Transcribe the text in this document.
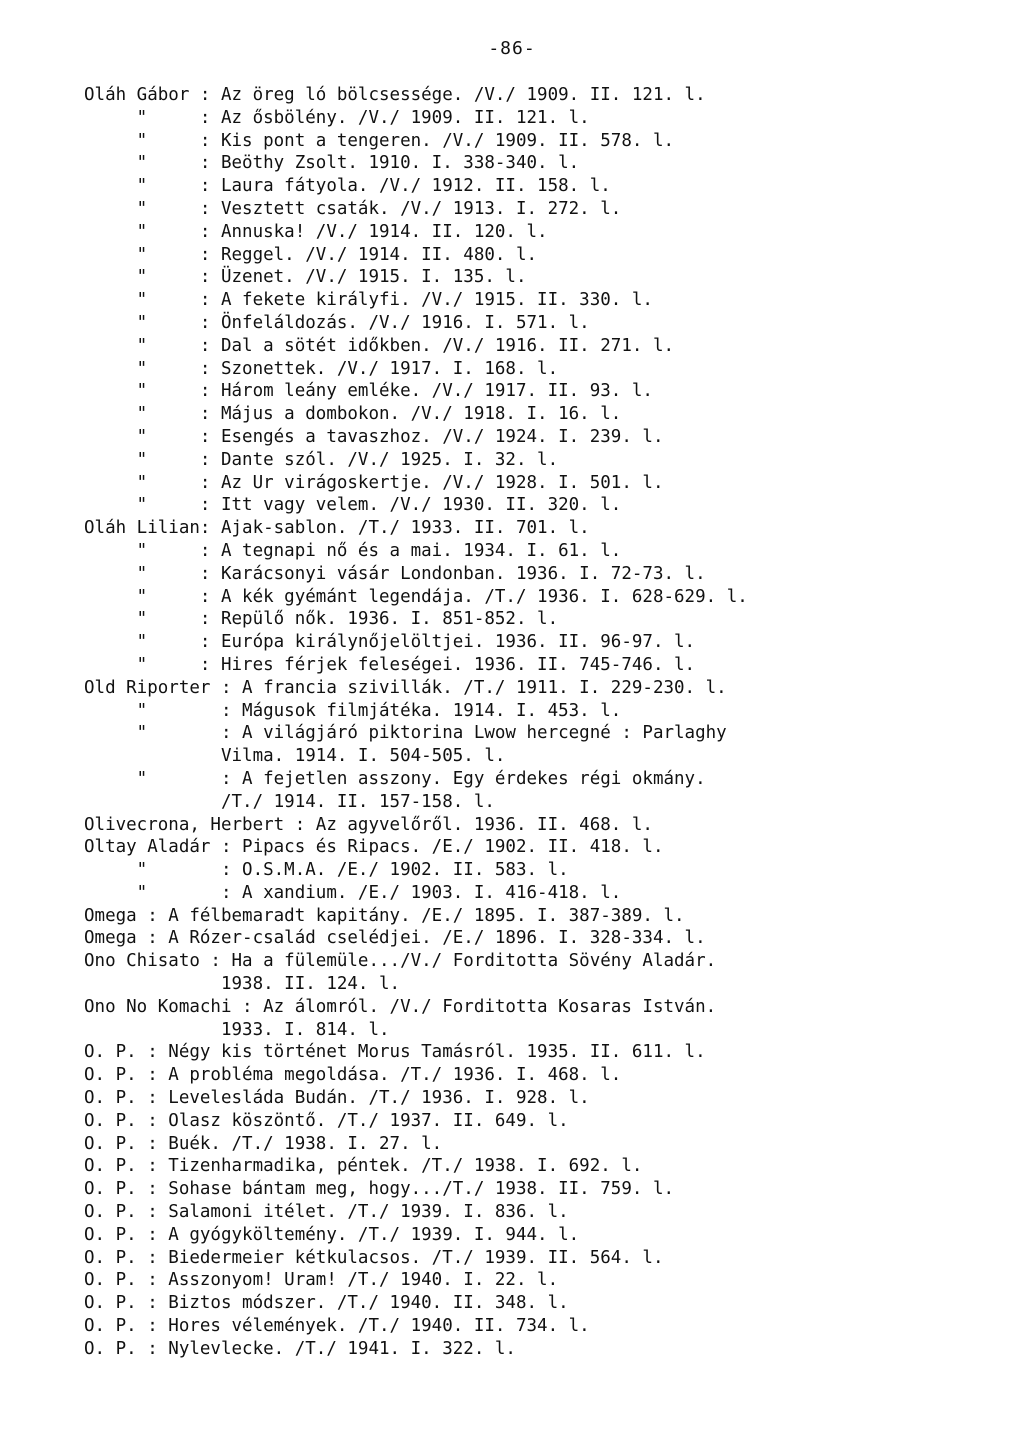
-86-
Oláh Gábor : Az öreg ló bölcsessége. /V./ 1909. II. 121. l.
"     : Az ősbölény. /V./ 1909. II. 121. l.
"     : Kis pont a tengeren. /V./ 1909. II. 578. l.
"     : Beöthy Zsolt. 1910. I. 338-340. l.
"     : Laura fátyola. /V./ 1912. II. 158. l.
"     : Vesztett csaták. /V./ 1913. I. 272. l.
"     : Annuska! /V./ 1914. II. 120. l.
"     : Reggel. /V./ 1914. II. 480. l.
"     : Üzenet. /V./ 1915. I. 135. l.
"     : A fekete királyfi. /V./ 1915. II. 330. l.
"     : Önfeláldozás. /V./ 1916. I. 571. l.
"     : Dal a sötét időkben. /V./ 1916. II. 271. l.
"     : Szonettek. /V./ 1917. I. 168. l.
"     : Három leány emléke. /V./ 1917. II. 93. l.
"     : Május a dombokon. /V./ 1918. I. 16. l.
"     : Esengés a tavaszhoz. /V./ 1924. I. 239. l.
"     : Dante szól. /V./ 1925. I. 32. l.
"     : Az Ur virágoskertje. /V./ 1928. I. 501. l.
"     : Itt vagy velem. /V./ 1930. II. 320. l.
Oláh Lilian: Ajak-sablon. /T./ 1933. II. 701. l.
"     : A tegnapi nő és a mai. 1934. I. 61. l.
"     : Karácsonyi vásár Londonban. 1936. I. 72-73. l.
"     : A kék gyémánt legendája. /T./ 1936. I. 628-629. l.
"     : Repülő nők. 1936. I. 851-852. l.
"     : Európa királynőjelöltjei. 1936. II. 96-97. l.
"     : Hires férjek feleségei. 1936. II. 745-746. l.
Old Riporter : A francia szivillák. /T./ 1911. I. 229-230. l.
"       : Mágusok filmjátéka. 1914. I. 453. l.
"       : A világjáró piktorina Lwow hercegné : Parlaghy
Vilma. 1914. I. 504-505. l.
"       : A fejetlen asszony. Egy érdekes régi okmány.
/T./ 1914. II. 157-158. l.
Olivecrona, Herbert : Az agyvelőről. 1936. II. 468. l.
Oltay Aladár : Pipacs és Ripacs. /E./ 1902. II. 418. l.
"       : O.S.M.A. /E./ 1902. II. 583. l.
"       : A xandium. /E./ 1903. I. 416-418. l.
Omega : A félbemaradt kapitány. /E./ 1895. I. 387-389. l.
Omega : A Rózer-család cselédjei. /E./ 1896. I. 328-334. l.
Ono Chisato : Ha a fülemüle.../V./ Forditotta Sövény Aladár.
1938. II. 124. l.
Ono No Komachi : Az álomról. /V./ Forditotta Kosaras István.
1933. I. 814. l.
O. P. : Négy kis történet Morus Tamásról. 1935. II. 611. l.
O. P. : A probléma megoldása. /T./ 1936. I. 468. l.
O. P. : Levelesláda Budán. /T./ 1936. I. 928. l.
O. P. : Olasz köszöntő. /T./ 1937. II. 649. l.
O. P. : Buék. /T./ 1938. I. 27. l.
O. P. : Tizenharmadika, péntek. /T./ 1938. I. 692. l.
O. P. : Sohase bántam meg, hogy.../T./ 1938. II. 759. l.
O. P. : Salamoni itélet. /T./ 1939. I. 836. l.
O. P. : A gyógyköltemény. /T./ 1939. I. 944. l.
O. P. : Biedermeier kétkulacsos. /T./ 1939. II. 564. l.
O. P. : Asszonyom! Uram! /T./ 1940. I. 22. l.
O. P. : Biztos módszer. /T./ 1940. II. 348. l.
O. P. : Hores vélemények. /T./ 1940. II. 734. l.
O. P. : Nylevlecke. /T./ 1941. I. 322. l.
